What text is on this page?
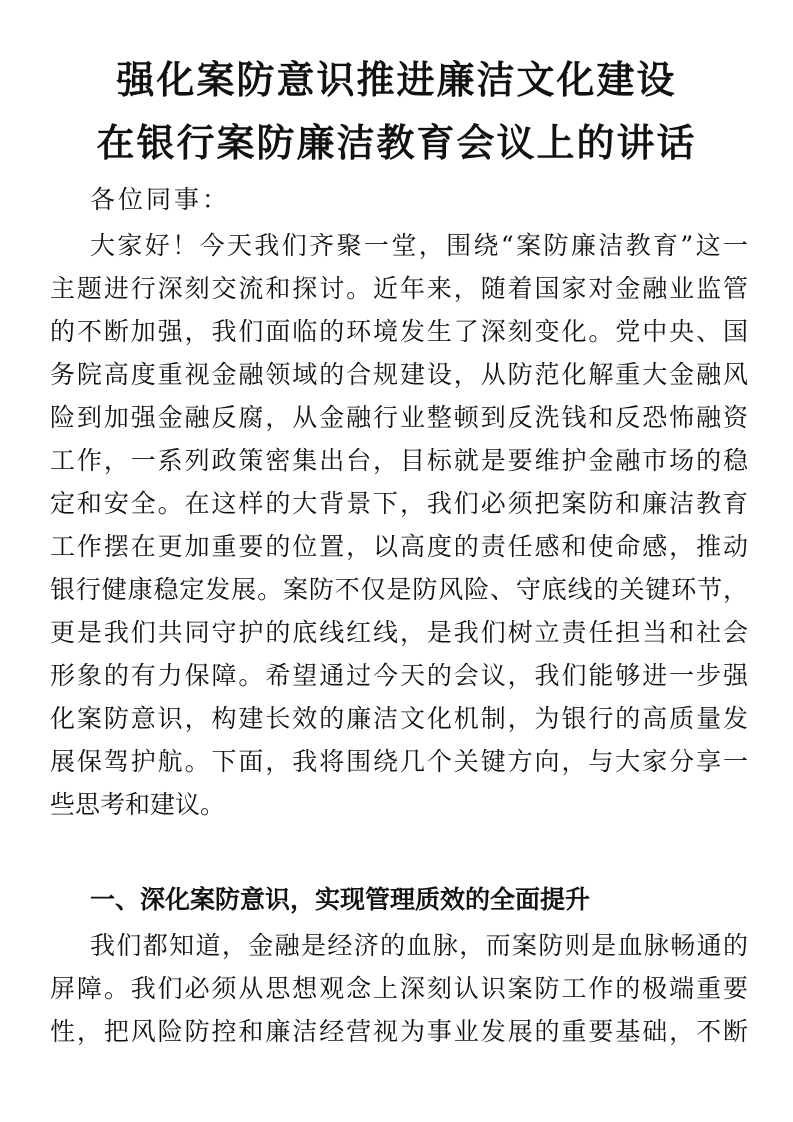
强化案防意识推进廉洁文化建设
在银行案防廉洁教育会议上的讲话
各位同事：
大家好！今天我们齐聚一堂，围绕“案防廉洁教育”这一
主题进行深刻交流和探讨。近年来，随着国家对金融业监管
的不断加强，我们面临的环境发生了深刻变化。党中央、国
务院高度重视金融领域的合规建设，从防范化解重大金融风
险到加强金融反腐，从金融行业整顿到反洗钱和反恐怖融资
工作，一系列政策密集出台，目标就是要维护金融市场的稳
定和安全。在这样的大背景下，我们必须把案防和廉洁教育
工作摆在更加重要的位置，以高度的责任感和使命感，推动
银行健康稳定发展。案防不仅是防风险、守底线的关键环节，
更是我们共同守护的底线红线，是我们树立责任担当和社会
形象的有力保障。希望通过今天的会议，我们能够进一步强
化案防意识，构建长效的廉洁文化机制，为银行的高质量发
展保驾护航。下面，我将围绕几个关键方向，与大家分享一
些思考和建议。
一、深化案防意识，实现管理质效的全面提升
我们都知道，金融是经济的血脉，而案防则是血脉畅通的
屏障。我们必须从思想观念上深刻认识案防工作的极端重要
性，把风险防控和廉洁经营视为事业发展的重要基础，不断
